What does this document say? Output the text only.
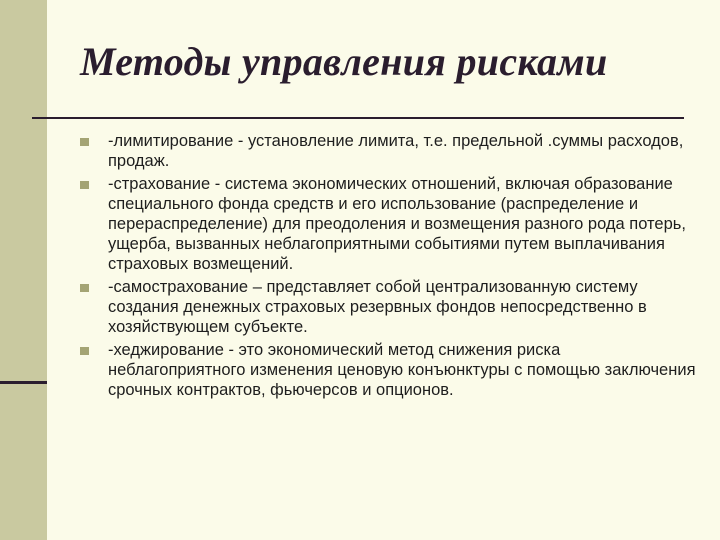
Методы управления рисками
-лимитирование - установление лимита, т.е. предельной .суммы расходов, продаж.
-страхование - система экономических отношений, включая образование специального фонда средств и его использование (распределение и перераспределение) для преодоления и возмещения разного рода потерь, ущерба, вызванных неблагоприятными событиями путем выплачивания страховых возмещений.
-самострахование – представляет собой централизованную систему создания денежных страховых резервных фондов непосредственно в хозяйствующем субъекте.
-хеджирование - это экономический метод снижения риска неблагоприятного изменения ценовую конъюнктуры с помощью заключения срочных контрактов, фьючерсов и опционов.
